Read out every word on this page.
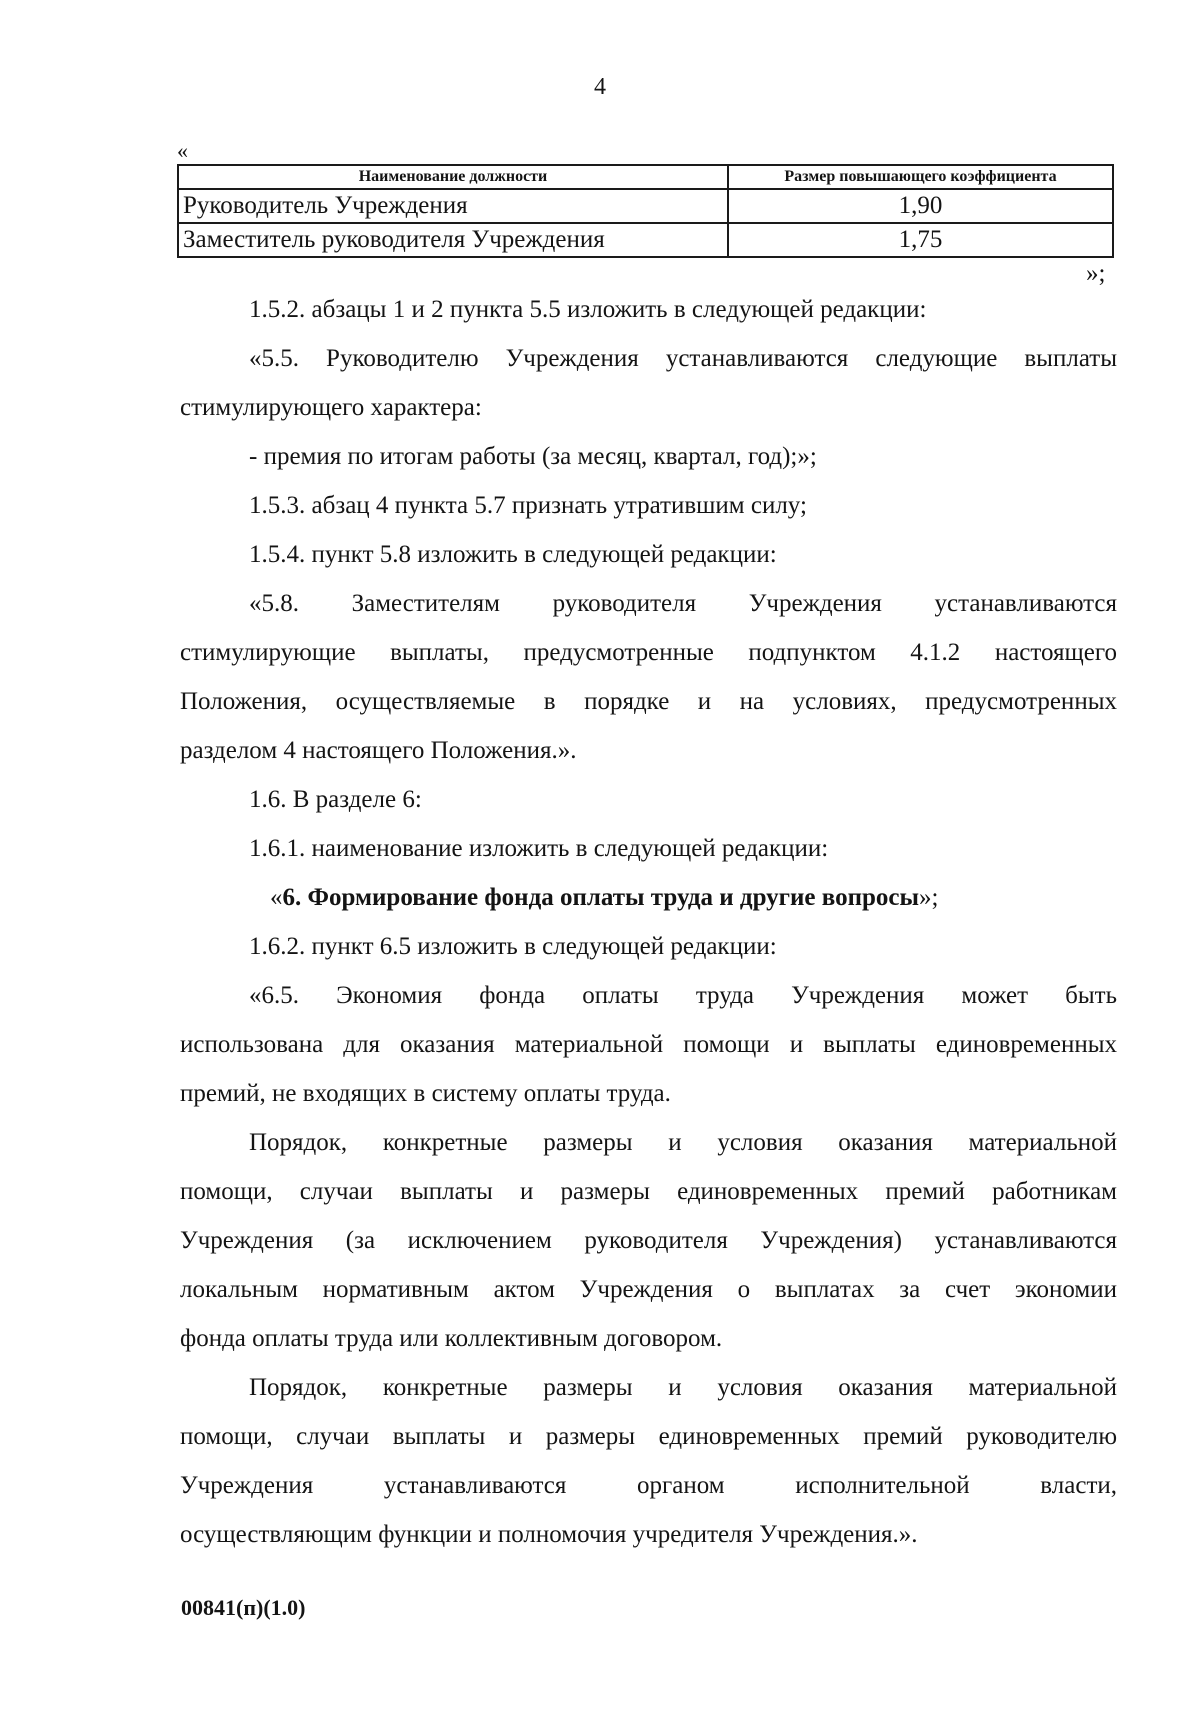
4
«
Наименование должности	Размер повышающего коэффициента
Руководитель Учреждения	1,90
Заместитель руководителя Учреждения	1,75
»;
1.5.2. абзацы 1 и 2 пункта 5.5 изложить в следующей редакции:
«5.5. Руководителю Учреждения устанавливаются следующие выплаты
стимулирующего характера:
- премия по итогам работы (за месяц, квартал, год);»;
1.5.3. абзац 4 пункта 5.7 признать утратившим силу;
1.5.4. пункт 5.8 изложить в следующей редакции:
«5.8. Заместителям руководителя Учреждения устанавливаются
стимулирующие выплаты, предусмотренные подпунктом 4.1.2 настоящего
Положения, осуществляемые в порядке и на условиях, предусмотренных
разделом 4 настоящего Положения.».
1.6. В разделе 6:
1.6.1. наименование изложить в следующей редакции:
«6. Формирование фонда оплаты труда и другие вопросы»;
1.6.2. пункт 6.5 изложить в следующей редакции:
«6.5. Экономия фонда оплаты труда Учреждения может быть
использована для оказания материальной помощи и выплаты единовременных
премий, не входящих в систему оплаты труда.
Порядок, конкретные размеры и условия оказания материальной
помощи, случаи выплаты и размеры единовременных премий работникам
Учреждения (за исключением руководителя Учреждения) устанавливаются
локальным нормативным актом Учреждения о выплатах за счет экономии
фонда оплаты труда или коллективным договором.
Порядок, конкретные размеры и условия оказания материальной
помощи, случаи выплаты и размеры единовременных премий руководителю
Учреждения устанавливаются органом исполнительной власти,
осуществляющим функции и полномочия учредителя Учреждения.».
00841(п)(1.0)
